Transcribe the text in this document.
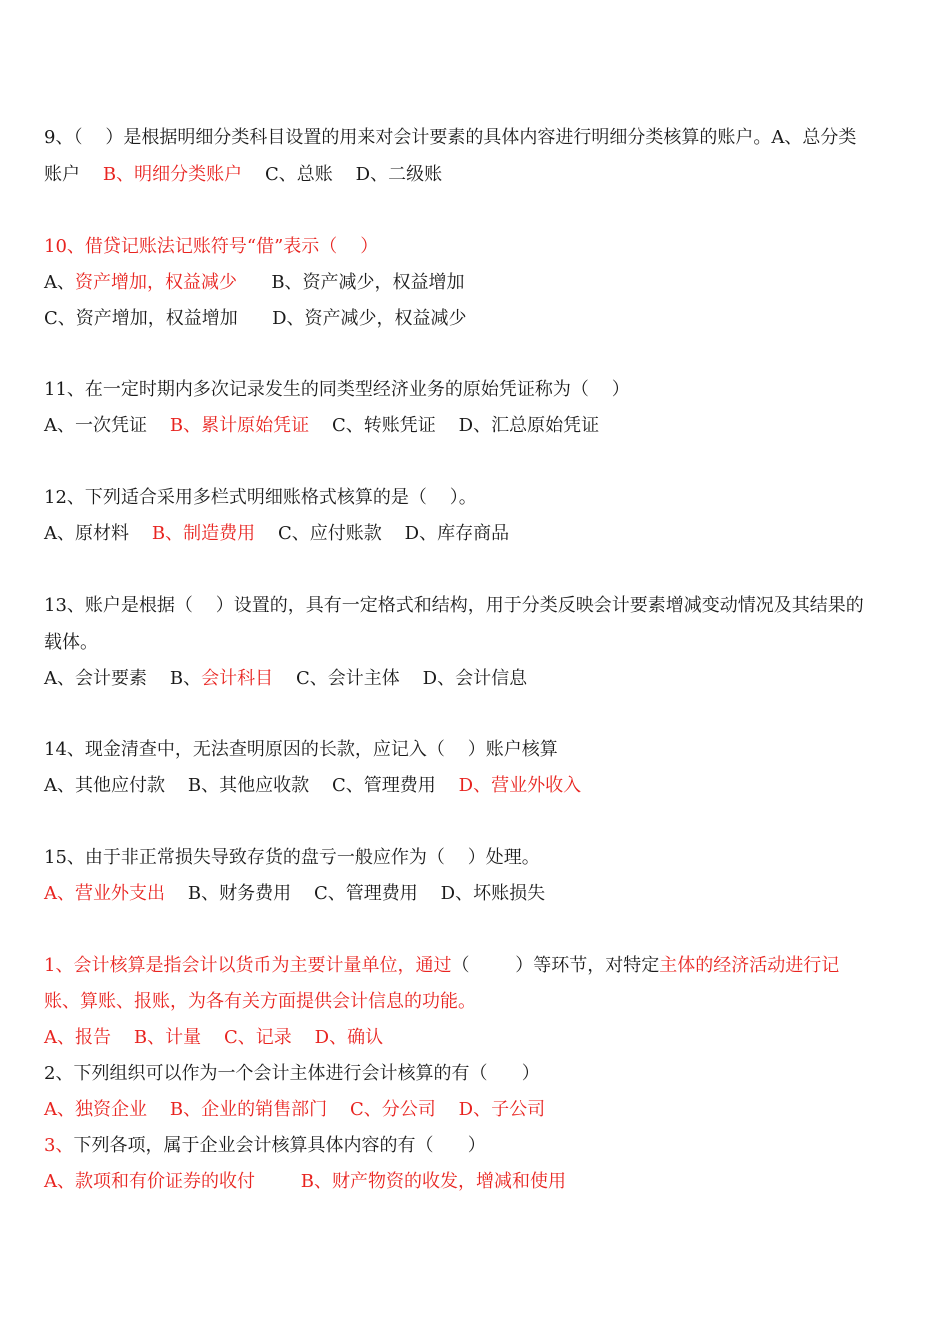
9、（    ）是根据明细分类科目设置的用来对会计要素的具体内容进行明细分类核算的账户。A、总分类
账户    B、明细分类账户    C、总账    D、二级账
10、借贷记账法记账符号“借”表示（    ）
A、资产增加，权益减少      B、资产减少，权益增加
C、资产增加，权益增加      D、资产减少，权益减少
11、在一定时期内多次记录发生的同类型经济业务的原始凭证称为（    ）
A、一次凭证    B、累计原始凭证    C、转账凭证    D、汇总原始凭证
12、下列适合采用多栏式明细账格式核算的是（    ）。
A、原材料    B、制造费用    C、应付账款    D、库存商品
13、账户是根据（    ）设置的，具有一定格式和结构，用于分类反映会计要素增减变动情况及其结果的
载体。
A、会计要素    B、会计科目    C、会计主体    D、会计信息
14、现金清查中，无法查明原因的长款，应记入（    ）账户核算
A、其他应付款    B、其他应收款    C、管理费用    D、营业外收入
15、由于非正常损失导致存货的盘亏一般应作为（    ）处理。
A、营业外支出    B、财务费用    C、管理费用    D、坏账损失
1、会计核算是指会计以货币为主要计量单位，通过（        ）等环节，对特定主体的经济活动进行记
账、算账、报账，为各有关方面提供会计信息的功能。
A、报告    B、计量    C、记录    D、确认
2、下列组织可以作为一个会计主体进行会计核算的有（      ）
A、独资企业    B、企业的销售部门    C、分公司    D、子公司
3、下列各项，属于企业会计核算具体内容的有（      ）
A、款项和有价证券的收付        B、财产物资的收发，增减和使用
